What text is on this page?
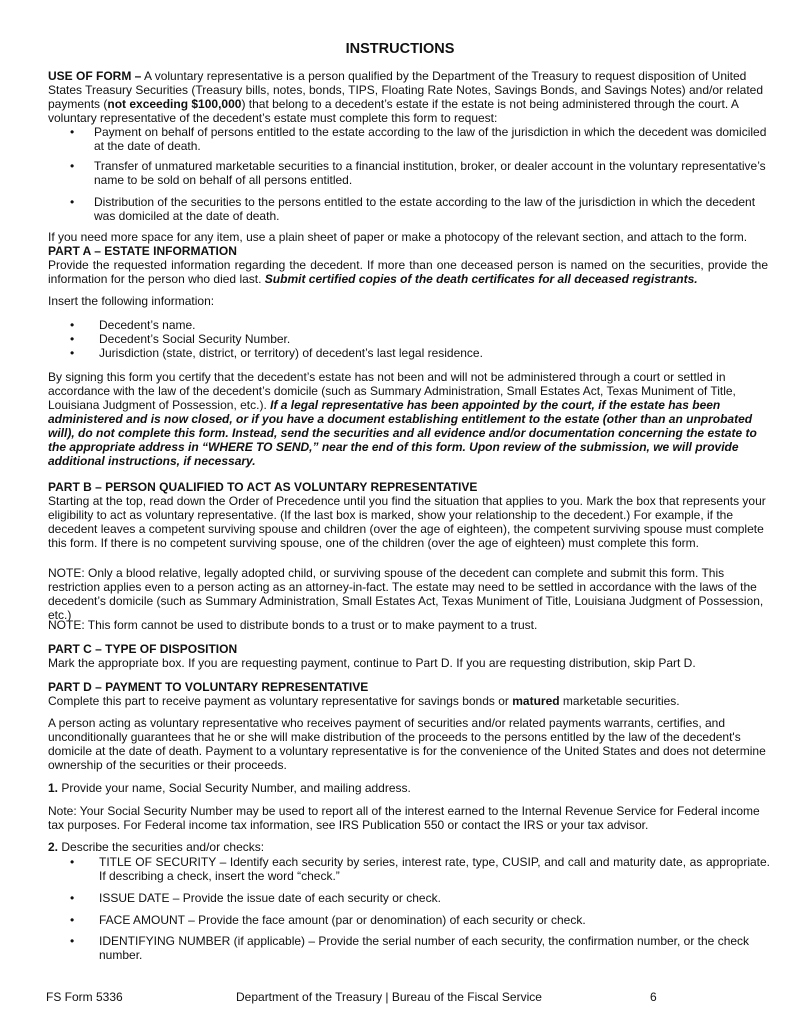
INSTRUCTIONS
USE OF FORM – A voluntary representative is a person qualified by the Department of the Treasury to request disposition of United States Treasury Securities (Treasury bills, notes, bonds, TIPS, Floating Rate Notes, Savings Bonds, and Savings Notes) and/or related payments (not exceeding $100,000) that belong to a decedent’s estate if the estate is not being administered through the court. A voluntary representative of the decedent’s estate must complete this form to request:
• Payment on behalf of persons entitled to the estate according to the law of the jurisdiction in which the decedent was domiciled at the date of death.
• Transfer of unmatured marketable securities to a financial institution, broker, or dealer account in the voluntary representative’s name to be sold on behalf of all persons entitled.
• Distribution of the securities to the persons entitled to the estate according to the law of the jurisdiction in which the decedent was domiciled at the date of death.
If you need more space for any item, use a plain sheet of paper or make a photocopy of the relevant section, and attach to the form.
PART A – ESTATE INFORMATION
Provide the requested information regarding the decedent. If more than one deceased person is named on the securities, provide the information for the person who died last. Submit certified copies of the death certificates for all deceased registrants.
Insert the following information:
• Decedent’s name.
• Decedent’s Social Security Number.
• Jurisdiction (state, district, or territory) of decedent’s last legal residence.
By signing this form you certify that the decedent’s estate has not been and will not be administered through a court or settled in accordance with the law of the decedent’s domicile (such as Summary Administration, Small Estates Act, Texas Muniment of Title, Louisiana Judgment of Possession, etc.). If a legal representative has been appointed by the court, if the estate has been administered and is now closed, or if you have a document establishing entitlement to the estate (other than an unprobated will), do not complete this form. Instead, send the securities and all evidence and/or documentation concerning the estate to the appropriate address in “WHERE TO SEND,” near the end of this form. Upon review of the submission, we will provide additional instructions, if necessary.
PART B – PERSON QUALIFIED TO ACT AS VOLUNTARY REPRESENTATIVE
Starting at the top, read down the Order of Precedence until you find the situation that applies to you. Mark the box that represents your eligibility to act as voluntary representative. (If the last box is marked, show your relationship to the decedent.) For example, if the decedent leaves a competent surviving spouse and children (over the age of eighteen), the competent surviving spouse must complete this form. If there is no competent surviving spouse, one of the children (over the age of eighteen) must complete this form.
NOTE: Only a blood relative, legally adopted child, or surviving spouse of the decedent can complete and submit this form. This restriction applies even to a person acting as an attorney-in-fact. The estate may need to be settled in accordance with the laws of the decedent’s domicile (such as Summary Administration, Small Estates Act, Texas Muniment of Title, Louisiana Judgment of Possession, etc.)
NOTE: This form cannot be used to distribute bonds to a trust or to make payment to a trust.
PART C – TYPE OF DISPOSITION
Mark the appropriate box. If you are requesting payment, continue to Part D. If you are requesting distribution, skip Part D.
PART D – PAYMENT TO VOLUNTARY REPRESENTATIVE
Complete this part to receive payment as voluntary representative for savings bonds or matured marketable securities.
A person acting as voluntary representative who receives payment of securities and/or related payments warrants, certifies, and unconditionally guarantees that he or she will make distribution of the proceeds to the persons entitled by the law of the decedent's domicile at the date of death. Payment to a voluntary representative is for the convenience of the United States and does not determine ownership of the securities or their proceeds.
1. Provide your name, Social Security Number, and mailing address.
Note: Your Social Security Number may be used to report all of the interest earned to the Internal Revenue Service for Federal income tax purposes. For Federal income tax information, see IRS Publication 550 or contact the IRS or your tax advisor.
2. Describe the securities and/or checks:
• TITLE OF SECURITY – Identify each security by series, interest rate, type, CUSIP, and call and maturity date, as appropriate. If describing a check, insert the word “check.”
• ISSUE DATE – Provide the issue date of each security or check.
• FACE AMOUNT – Provide the face amount (par or denomination) of each security or check.
• IDENTIFYING NUMBER (if applicable) – Provide the serial number of each security, the confirmation number, or the check number.
FS Form 5336	Department of the Treasury | Bureau of the Fiscal Service	6
